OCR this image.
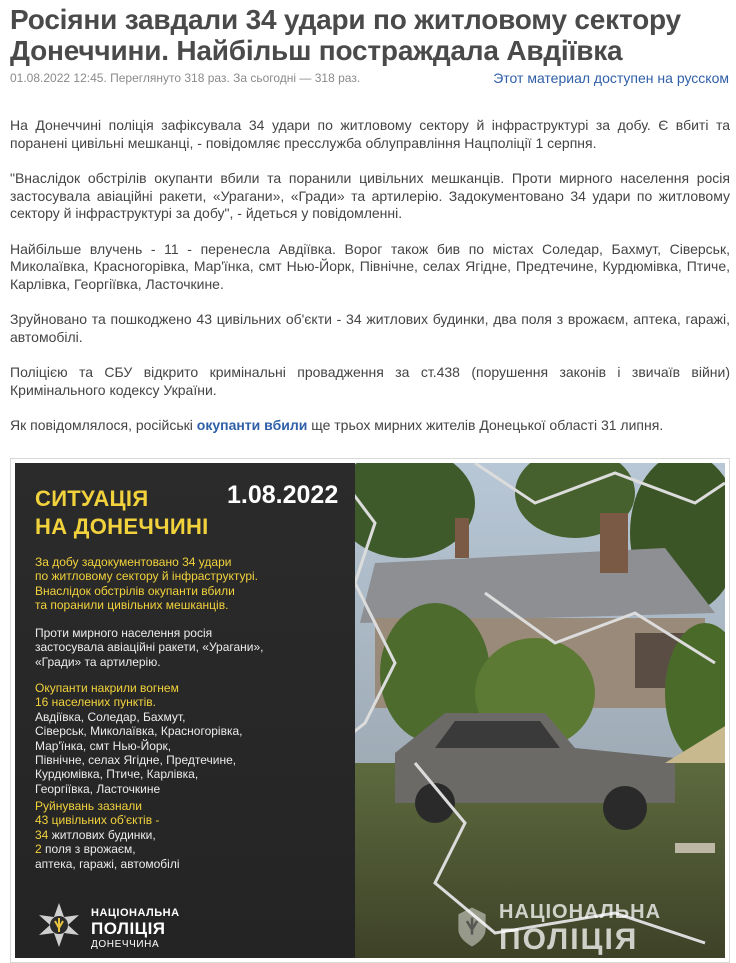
Росіяни завдали 34 удари по житловому сектору Донеччини. Найбільш постраждала Авдіївка
01.08.2022 12:45. Переглянуто 318 раз. За сьогодні — 318 раз.	Этот материал доступен на русском

На Донеччині поліція зафіксувала 34 удари по житловому сектору й інфраструктурі за добу. Є вбиті та поранені цивільні мешканці, - повідомляє пресслужба облуправління Нацполіції 1 серпня.

"Внаслідок обстрілів окупанти вбили та поранили цивільних мешканців. Проти мирного населення росія застосувала авіаційні ракети, «Урагани», «Гради» та артилерію. Задокументовано 34 удари по житловому сектору й інфраструктурі за добу", - йдеться у повідомленні.

Найбільше влучень - 11 - перенесла Авдіївка. Ворог також бив по містах Соледар, Бахмут, Сіверськ, Миколаївка, Красногорівка, Мар'їнка, смт Нью-Йорк, Північне, селах Ягідне, Предтечине, Курдюмівка, Птиче, Карлівка, Георгіївка, Ласточкине.

Зруйновано та пошкоджено 43 цивільних об'єкти - 34 житлових будинки, два поля з врожаєм, аптека, гаражі, автомобілі.

Поліцією та СБУ відкрито кримінальні провадження за ст.438 (порушення законів і звичаїв війни) Кримінального кодексу України.

Як повідомлялося, російські окупанти вбили ще трьох мирних жителів Донецької області 31 липня.

СИТУАЦІЯ
НА ДОНЕЧЧИНІ
1.08.2022
За добу задокументовано 34 удари
по житловому сектору й інфраструктурі.
Внаслідок обстрілів окупанти вбили
та поранили цивільних мешканців.
Проти мирного населення росія
застосувала авіаційні ракети, «Урагани»,
«Гради» та артилерію.
Окупанти накрили вогнем
16 населених пунктів.
Авдіївка, Соледар, Бахмут,
Сіверськ, Миколаївка, Красногорівка,
Мар'їнка, смт Нью-Йорк,
Північне, селах Ягідне, Предтечине,
Курдюмівка, Птиче, Карлівка,
Георгіївка, Ласточкине
Руйнувань зазнали
43 цивільних об'єктів -
34 житлових будинки,
2 поля з врожаєм,
аптека, гаражі, автомобілі
НАЦІОНАЛЬНА
ПОЛІЦІЯ
ДОНЕЧЧИНА
НАЦІОНАЛЬНА
ПОЛІЦІЯ
